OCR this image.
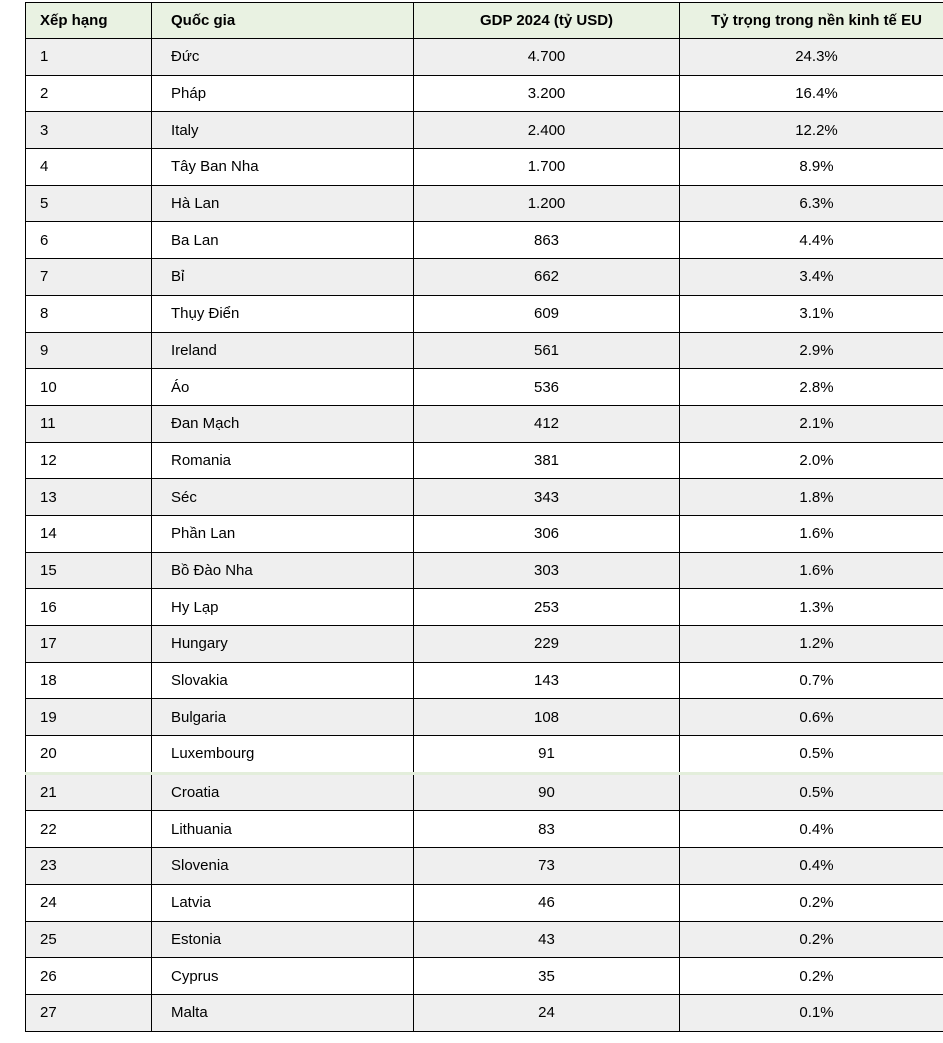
Xếp hạng	Quốc gia	GDP 2024 (tỷ USD)	Tỷ trọng trong nền kinh tế EU
1	Đức	4.700	24.3%
2	Pháp	3.200	16.4%
3	Italy	2.400	12.2%
4	Tây Ban Nha	1.700	8.9%
5	Hà Lan	1.200	6.3%
6	Ba Lan	863	4.4%
7	Bỉ	662	3.4%
8	Thụy Điển	609	3.1%
9	Ireland	561	2.9%
10	Áo	536	2.8%
11	Đan Mạch	412	2.1%
12	Romania	381	2.0%
13	Séc	343	1.8%
14	Phần Lan	306	1.6%
15	Bồ Đào Nha	303	1.6%
16	Hy Lạp	253	1.3%
17	Hungary	229	1.2%
18	Slovakia	143	0.7%
19	Bulgaria	108	0.6%
20	Luxembourg	91	0.5%
21	Croatia	90	0.5%
22	Lithuania	83	0.4%
23	Slovenia	73	0.4%
24	Latvia	46	0.2%
25	Estonia	43	0.2%
26	Cyprus	35	0.2%
27	Malta	24	0.1%
